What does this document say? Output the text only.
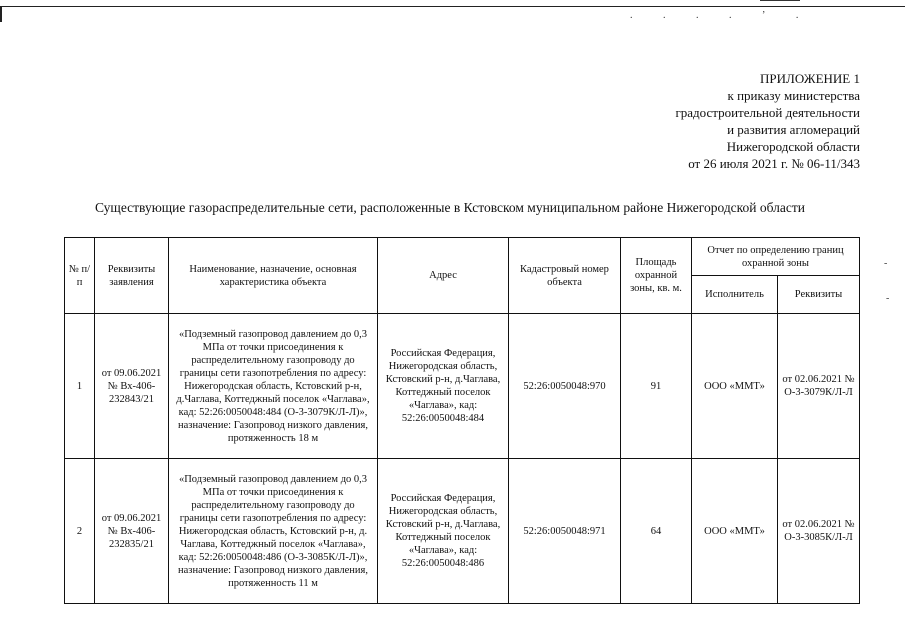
. . . . ʼ .
-
-
ПРИЛОЖЕНИЕ 1
к приказу министерства
градостроительной деятельности
и развития агломераций
Нижегородской области
от 26 июля 2021 г. № 06-11/343
Существующие газораспределительные сети, расположенные в Кстовском муниципальном районе Нижегородской области
№ п/п	Реквизиты заявления	Наименование, назначение, основная характеристика объекта	Адрес	Кадастровый номер объекта	Площадь охранной зоны, кв. м.	Отчет по определению границ охранной зоны	
						Исполнитель	Реквизиты
1	от 09.06.2021 № Вх-406-232843/21	«Подземный газопровод давлением до 0,3 МПа от точки присоединения к распределительному газопроводу до границы сети газопотребления по адресу: Нижегородская область, Кстовский р-н, д.Чаглава, Коттеджный поселок «Чаглава», кад: 52:26:0050048:484 (О-3-3079К/Л-Л)», назначение: Газопровод низкого давления, протяженность 18 м	Российская Федерация, Нижегородская область, Кстовский р-н, д.Чаглава, Коттеджный поселок «Чаглава», кад: 52:26:0050048:484	52:26:0050048:970	91	ООО «ММТ»	от 02.06.2021 № О-3-3079К/Л-Л
2	от 09.06.2021 № Вх-406-232835/21	«Подземный газопровод давлением до 0,3 МПа от точки присоединения к распределительному газопроводу до границы сети газопотребления по адресу: Нижегородская область, Кстовский р-н, д. Чаглава, Коттеджный поселок «Чаглава», кад: 52:26:0050048:486 (О-3-3085К/Л-Л)», назначение: Газопровод низкого давления, протяженность 11 м	Российская Федерация, Нижегородская область, Кстовский р-н, д.Чаглава, Коттеджный поселок «Чаглава», кад: 52:26:0050048:486	52:26:0050048:971	64	ООО «ММТ»	от 02.06.2021 № О-3-3085К/Л-Л
